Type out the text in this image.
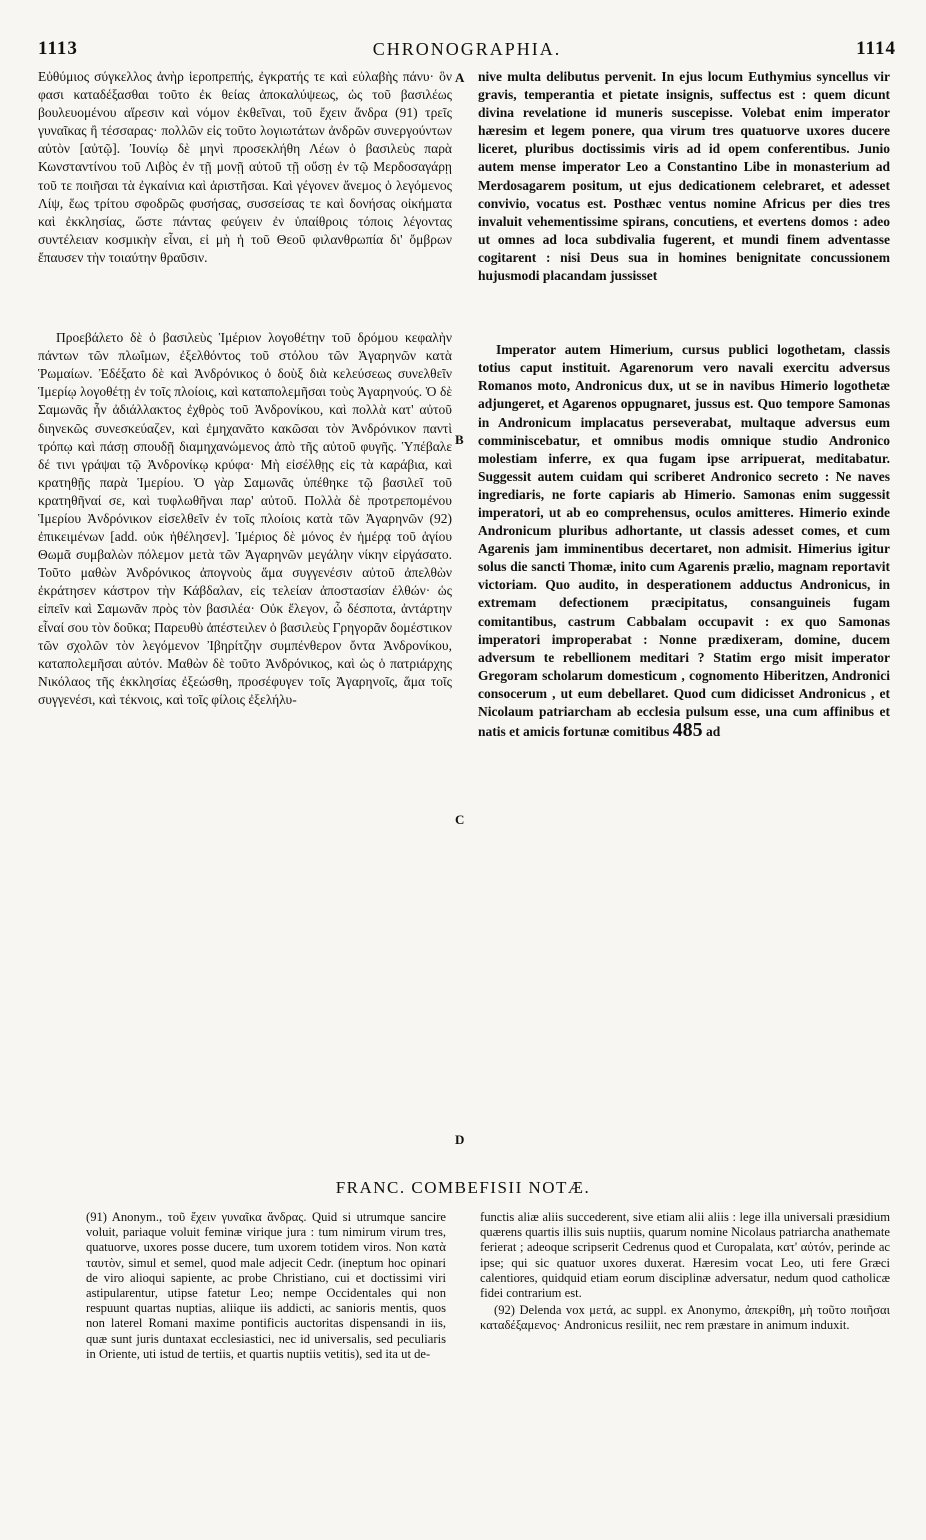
1113	CHRONOGRAPHIA.	1114

Εὐθύμιος σύγκελλος ἀνὴρ ἱεροπρεπής, ἐγκρατής τε καὶ εὐλαβὴς πάνυ· ὃν φασι καταδέξασθαι τοῦτο ἐκ θείας ἀποκαλύψεως, ὡς τοῦ βασιλέως βουλευομένου αἵρεσιν καὶ νόμον ἐκθεῖναι, τοῦ ἔχειν ἄνδρα (91) τρεῖς γυναῖκας ἢ τέσσαρας· πολλῶν εἰς τοῦτο λογιωτάτων ἀνδρῶν συνεργούντων αὐτὸν [αὐτῷ]. Ἰουνίῳ δὲ μηνὶ προσεκλήθη Λέων ὁ βασιλεὺς παρὰ Κωνσταντίνου τοῦ Λιβὸς ἐν τῇ μονῇ αὐτοῦ τῇ οὔσῃ ἐν τῷ Μερδοσαγάρῃ τοῦ τε ποιῆσαι τὰ ἐγκαίνια καὶ ἀριστῆσαι. Καὶ γέγονεν ἄνεμος ὁ λεγόμενος Λίψ, ἕως τρίτου σφοδρῶς φυσήσας, συσσείσας τε καὶ δονήσας οἰκήματα καὶ ἐκκλησίας, ὥστε πάντας φεύγειν ἐν ὑπαίθροις τόποις λέγοντας συντέλειαν κοσμικὴν εἶναι, εἰ μὴ ἡ τοῦ Θεοῦ φιλανθρωπία δι' ὄμβρων ἔπαυσεν τὴν τοιαύτην θραῦσιν.

Προεβάλετο δὲ ὁ βασιλεὺς Ἱμέριον λογοθέτην τοῦ δρόμου κεφαλὴν πάντων τῶν πλωΐμων, ἐξελθόντος τοῦ στόλου τῶν Ἀγαρηνῶν κατὰ Ῥωμαίων. Ἐδέξατο δὲ καὶ Ἀνδρόνικος ὁ δοὺξ διὰ κελεύσεως συνελθεῖν Ἱμερίῳ λογοθέτῃ ἐν τοῖς πλοίοις, καὶ καταπολεμῆσαι τοὺς Ἀγαρηνούς. Ὁ δὲ Σαμωνᾶς ἦν ἀδιάλλακτος ἐχθρὸς τοῦ Ἀνδρονίκου, καὶ πολλὰ κατ' αὐτοῦ διηνεκῶς συνεσκεύαζεν, καὶ ἐμηχανᾶτο κακῶσαι τὸν Ἀνδρόνικον παντὶ τρόπῳ καὶ πάσῃ σπουδῇ διαμηχανώμενος ἀπὸ τῆς αὐτοῦ φυγῆς. Ὑπέβαλε δέ τινι γράψαι τῷ Ἀνδρονίκῳ κρύφα· Μὴ εἰσέλθῃς εἰς τὰ καράβια, καὶ κρατηθῇς παρὰ Ἱμερίου. Ὁ γὰρ Σαμωνᾶς ὑπέθηκε τῷ βασιλεῖ τοῦ κρατηθῆναί σε, καὶ τυφλωθῆναι παρ' αὐτοῦ. Πολλὰ δὲ προτρεπομένου Ἱμερίου Ἀνδρόνικον εἰσελθεῖν ἐν τοῖς πλοίοις κατὰ τῶν Ἀγαρηνῶν (92) ἐπικειμένων [add. οὐκ ἠθέλησεν]. Ἱμέριος δὲ μόνος ἐν ἡμέρᾳ τοῦ ἁγίου Θωμᾶ συμβαλὼν πόλεμον μετὰ τῶν Ἀγαρηνῶν μεγάλην νίκην εἰργάσατο. Τοῦτο μαθὼν Ἀνδρόνικος ἀπογνοὺς ἅμα συγγενέσιν αὐτοῦ ἀπελθὼν ἐκράτησεν κάστρον τὴν Κάβδαλαν, εἰς τελείαν ἀποστασίαν ἐλθών· ὡς εἰπεῖν καὶ Σαμωνᾶν πρὸς τὸν βασιλέα· Οὐκ ἔλεγον, ὦ δέσποτα, ἀντάρτην εἶναί σου τὸν δοῦκα; Παρευθὺ ἀπέστειλεν ὁ βασιλεὺς Γρηγορᾶν δομέστικον τῶν σχολῶν τὸν λεγόμενον Ἰβηρίτζην συμπένθερον ὄντα Ἀνδρονίκου, καταπολεμῆσαι αὐτόν. Μαθὼν δὲ τοῦτο Ἀνδρόνικος, καὶ ὡς ὁ πατριάρχης Νικόλαος τῆς ἐκκλησίας ἐξεώσθη, προσέφυγεν τοῖς Ἀγαρηνοῖς, ἅμα τοῖς συγγενέσι, καὶ τέκνοις, καὶ τοῖς φίλοις ἐξελήλυ-

A
B
C
D

nive multa delibutus pervenit. In ejus locum Euthymius syncellus vir gravis, temperantia et pietate insignis, suffectus est : quem dicunt divina revelatione id muneris suscepisse. Volebat enim imperator hæresim et legem ponere, qua virum tres quatuorve uxores ducere liceret, pluribus doctissimis viris ad id opem conferentibus. Junio autem mense imperator Leo a Constantino Libe in monasterium ad Merdosagarem positum, ut ejus dedicationem celebraret, et adesset convivio, vocatus est. Posthæc ventus nomine Africus per dies tres invaluit vehementissime spirans, concutiens, et evertens domos : adeo ut omnes ad loca subdivalia fugerent, et mundi finem adventasse cogitarent : nisi Deus sua in homines benignitate concussionem hujusmodi placandam jussisset

Imperator autem Himerium, cursus publici logothetam, classis totius caput instituit. Agarenorum vero navali exercitu adversus Romanos moto, Andronicus dux, ut se in navibus Himerio logothetæ adjungeret, et Agarenos oppugnaret, jussus est. Quo tempore Samonas in Andronicum implacatus perseverabat, multaque adversus eum comminiscebatur, et omnibus modis omnique studio Andronico molestiam inferre, ex qua fugam ipse arripuerat, meditabatur. Suggessit autem cuidam qui scriberet Andronico secreto : Ne naves ingrediaris, ne forte capiaris ab Himerio. Samonas enim suggessit imperatori, ut ab eo comprehensus, oculos amitteres. Himerio exinde Andronicum pluribus adhortante, ut classis adesset comes, et cum Agarenis jam imminentibus decertaret, non admisit. Himerius igitur solus die sancti Thomæ, inito cum Agarenis prælio, magnam reportavit victoriam. Quo audito, in desperationem adductus Andronicus, in extremam defectionem præcipitatus, consanguineis fugam comitantibus, castrum Cabbalam occupavit : ex quo Samonas imperatori improperabat : Nonne prædixeram, domine, ducem adversum te rebellionem meditari ? Statim ergo misit imperator Gregoram scholarum domesticum , cognomento Hiberitzen, Andronici consocerum , ut eum debellaret. Quod cum didicisset Andronicus , et Nicolaum patriarcham ab ecclesia pulsum esse, una cum affinibus et natis et amicis fortunæ comitibus 485 ad

FRANC. COMBEFISII NOTÆ.

(91) Anonym., τοῦ ἔχειν γυναῖκα ἄνδρας. Quid si utrumque sancire voluit, pariaque voluit feminæ virique jura : tum nimirum virum tres, quatuorve, uxores posse ducere, tum uxorem totidem viros. Non κατὰ ταυτὸν, simul et semel, quod male adjecit Cedr. (ineptum hoc opinari de viro alioqui sapiente, ac probe Christiano, cui et doctissimi viri astipularentur, utipse fatetur Leo; nempe Occidentales qui non respuunt quartas nuptias, aliique iis addicti, ac sanioris mentis, quos non laterel Romani maxime pontificis auctoritas dispensandi in iis, quæ sunt juris duntaxat ecclesiastici, nec id universalis, sed peculiaris in Oriente, uti istud de tertiis, et quartis nuptiis vetitis), sed ita ut de-

functis aliæ aliis succederent, sive etiam alii aliis : lege illa universali præsidium quærens quartis illis suis nuptiis, quarum nomine Nicolaus patriarcha anathemate ferierat ; adeoque scripserit Cedrenus quod et Curopalata, κατ' αὐτόν, perinde ac ipse; qui sic quatuor uxores duxerat. Hæresim vocat Leo, uti fere Græci calentiores, quidquid etiam eorum disciplinæ adversatur, nedum quod catholicæ fidei contrarium est.

(92) Delenda vox μετά, ac suppl. ex Anonymo, ἀπεκρίθη, μὴ τοῦτο ποιῆσαι καταδέξαμενος· Andronicus resiliit, nec rem præstare in animum induxit.
